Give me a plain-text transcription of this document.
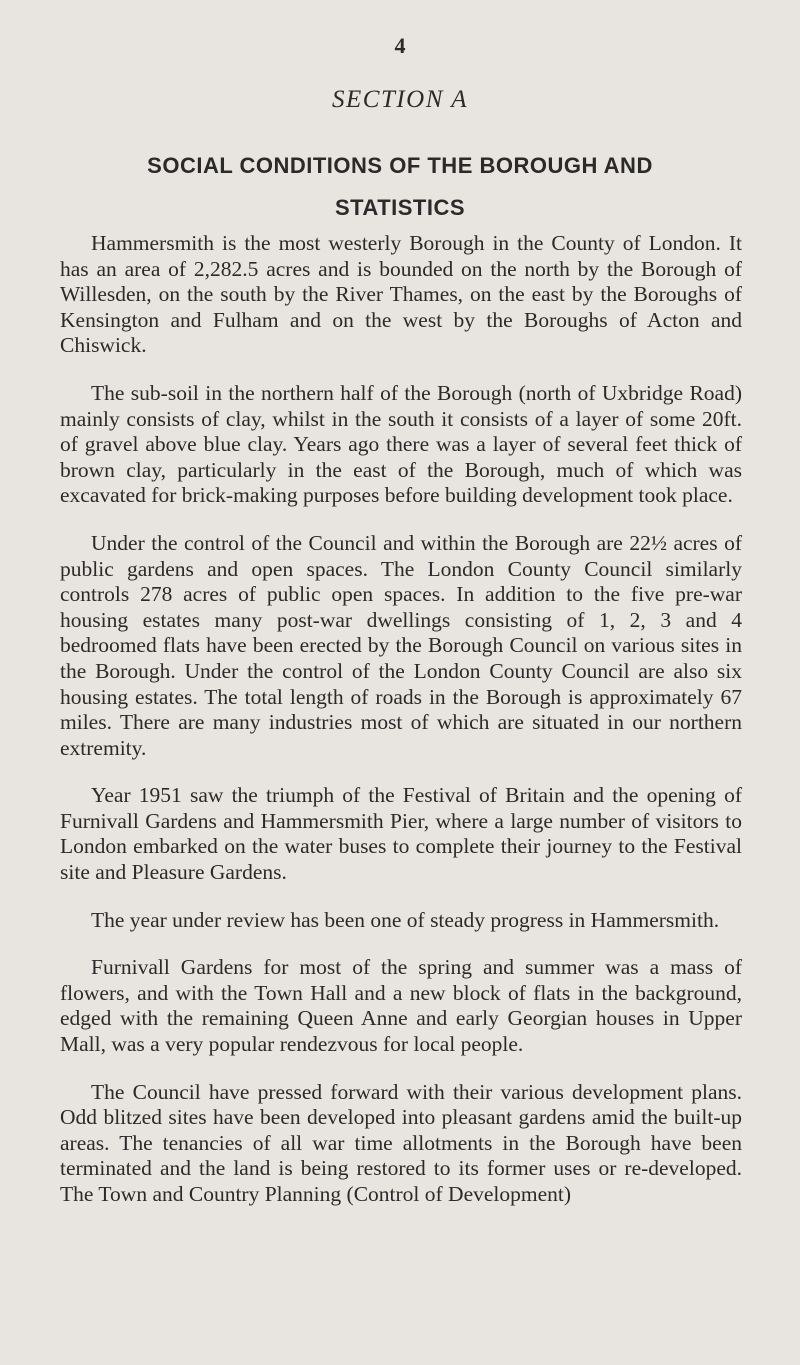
4
SECTION A
SOCIAL CONDITIONS OF THE BOROUGH AND STATISTICS

Hammersmith is the most westerly Borough in the County of London. It has an area of 2,282.5 acres and is bounded on the north by the Borough of Willesden, on the south by the River Thames, on the east by the Boroughs of Kensington and Fulham and on the west by the Boroughs of Acton and Chiswick.

The sub-soil in the northern half of the Borough (north of Uxbridge Road) mainly consists of clay, whilst in the south it consists of a layer of some 20ft. of gravel above blue clay. Years ago there was a layer of several feet thick of brown clay, particularly in the east of the Borough, much of which was excavated for brick-making purposes before building development took place.

Under the control of the Council and within the Borough are 22½ acres of public gardens and open spaces. The London County Council similarly controls 278 acres of public open spaces. In addition to the five pre-war housing estates many post-war dwellings consisting of 1, 2, 3 and 4 bedroomed flats have been erected by the Borough Council on various sites in the Borough. Under the control of the London County Council are also six housing estates. The total length of roads in the Borough is approximately 67 miles. There are many industries most of which are situated in our northern extremity.

Year 1951 saw the triumph of the Festival of Britain and the opening of Furnivall Gardens and Hammersmith Pier, where a large number of visitors to London embarked on the water buses to complete their journey to the Festival site and Pleasure Gardens.

The year under review has been one of steady progress in Hammersmith.

Furnivall Gardens for most of the spring and summer was a mass of flowers, and with the Town Hall and a new block of flats in the background, edged with the remaining Queen Anne and early Georgian houses in Upper Mall, was a very popular rendezvous for local people.

The Council have pressed forward with their various development plans. Odd blitzed sites have been developed into pleasant gardens amid the built-up areas. The tenancies of all war time allotments in the Borough have been terminated and the land is being restored to its former uses or re-developed. The Town and Country Planning (Control of Development)
